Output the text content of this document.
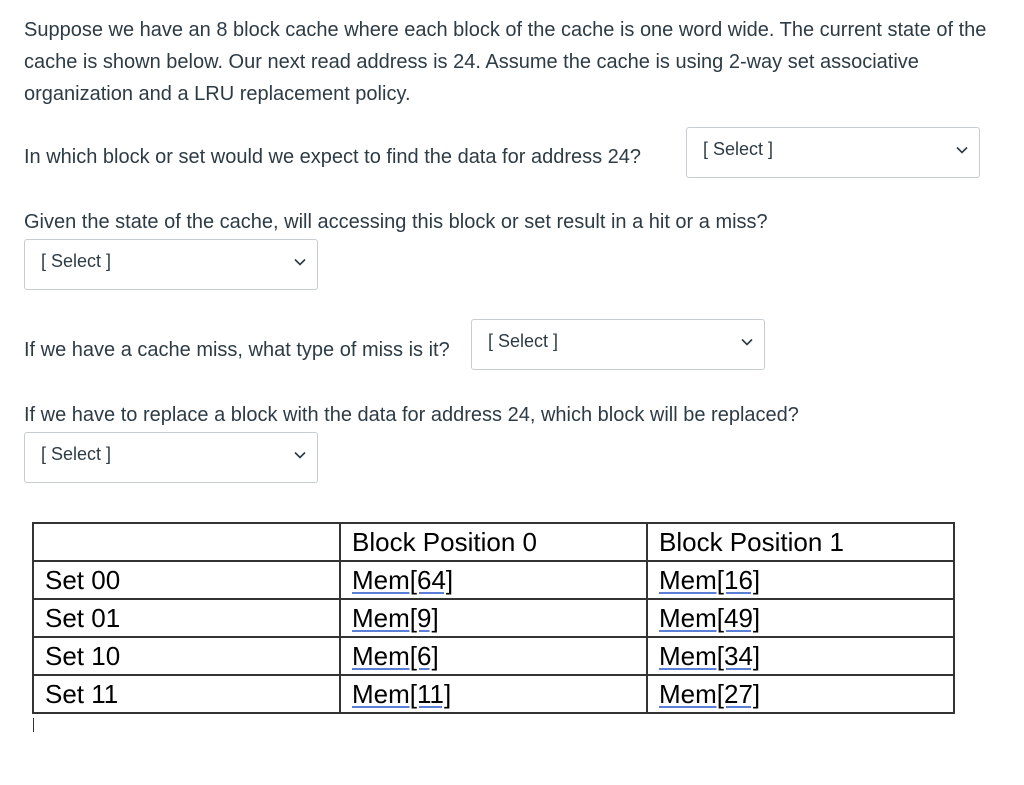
Suppose we have an 8 block cache where each block of the cache is one word wide. The current state of the cache is shown below. Our next read address is 24. Assume the cache is using 2-way set associative organization and a LRU replacement policy.

In which block or set would we expect to find the data for address 24?	[ Select ]
Given the state of the cache, will accessing this block or set result in a hit or a miss?
[ Select ]
If we have a cache miss, what type of miss is it? [ Select ]
If we have to replace a block with the data for address 24, which block will be replaced?
[ Select ]
	Block Position 0	Block Position 1
Set 00	Mem[64]	Mem[16]
Set 01	Mem[9]	Mem[49]
Set 10	Mem[6]	Mem[34]
Set 11	Mem[11]	Mem[27]
